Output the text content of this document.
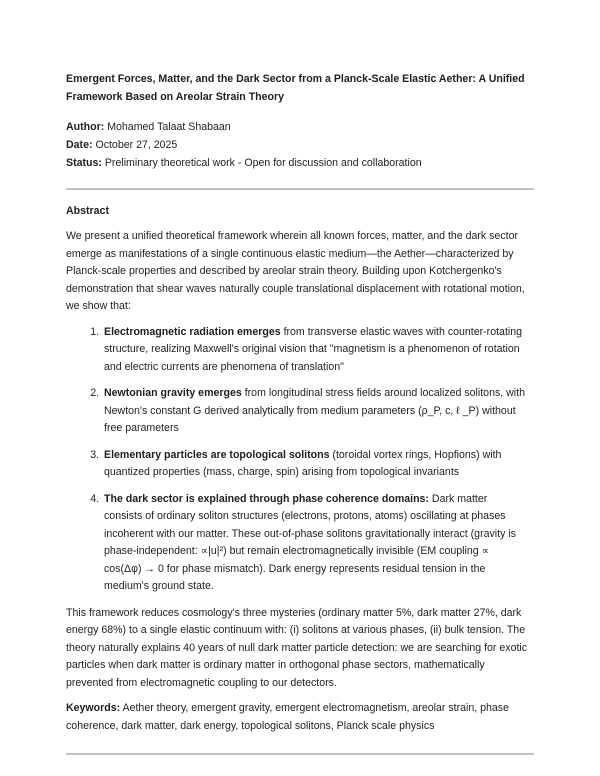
Emergent Forces, Matter, and the Dark Sector from a Planck-Scale Elastic Aether: A Unified Framework Based on Areolar Strain Theory
Author: Mohamed Talaat Shabaan
Date: October 27, 2025
Status: Preliminary theoretical work - Open for discussion and collaboration
Abstract

We present a unified theoretical framework wherein all known forces, matter, and the dark sector emerge as manifestations of a single continuous elastic medium—the Aether—characterized by Planck-scale properties and described by areolar strain theory. Building upon Kotchergenko's demonstration that shear waves naturally couple translational displacement with rotational motion, we show that:

1. Electromagnetic radiation emerges from transverse elastic waves with counter-rotating structure, realizing Maxwell's original vision that "magnetism is a phenomenon of rotation and electric currents are phenomena of translation"
2. Newtonian gravity emerges from longitudinal stress fields around localized solitons, with Newton's constant G derived analytically from medium parameters (ρ_P, c, ℓ _P) without free parameters
3. Elementary particles are topological solitons (toroidal vortex rings, Hopfions) with quantized properties (mass, charge, spin) arising from topological invariants
4. The dark sector is explained through phase coherence domains: Dark matter consists of ordinary soliton structures (electrons, protons, atoms) oscillating at phases incoherent with our matter. These out-of-phase solitons gravitationally interact (gravity is phase-independent: ∝|u|²) but remain electromagnetically invisible (EM coupling ∝ cos(Δφ) → 0 for phase mismatch). Dark energy represents residual tension in the medium's ground state.

This framework reduces cosmology's three mysteries (ordinary matter 5%, dark matter 27%, dark energy 68%) to a single elastic continuum with: (i) solitons at various phases, (ii) bulk tension. The theory naturally explains 40 years of null dark matter particle detection: we are searching for exotic particles when dark matter is ordinary matter in orthogonal phase sectors, mathematically prevented from electromagnetic coupling to our detectors.

Keywords: Aether theory, emergent gravity, emergent electromagnetism, areolar strain, phase coherence, dark matter, dark energy, topological solitons, Planck scale physics
